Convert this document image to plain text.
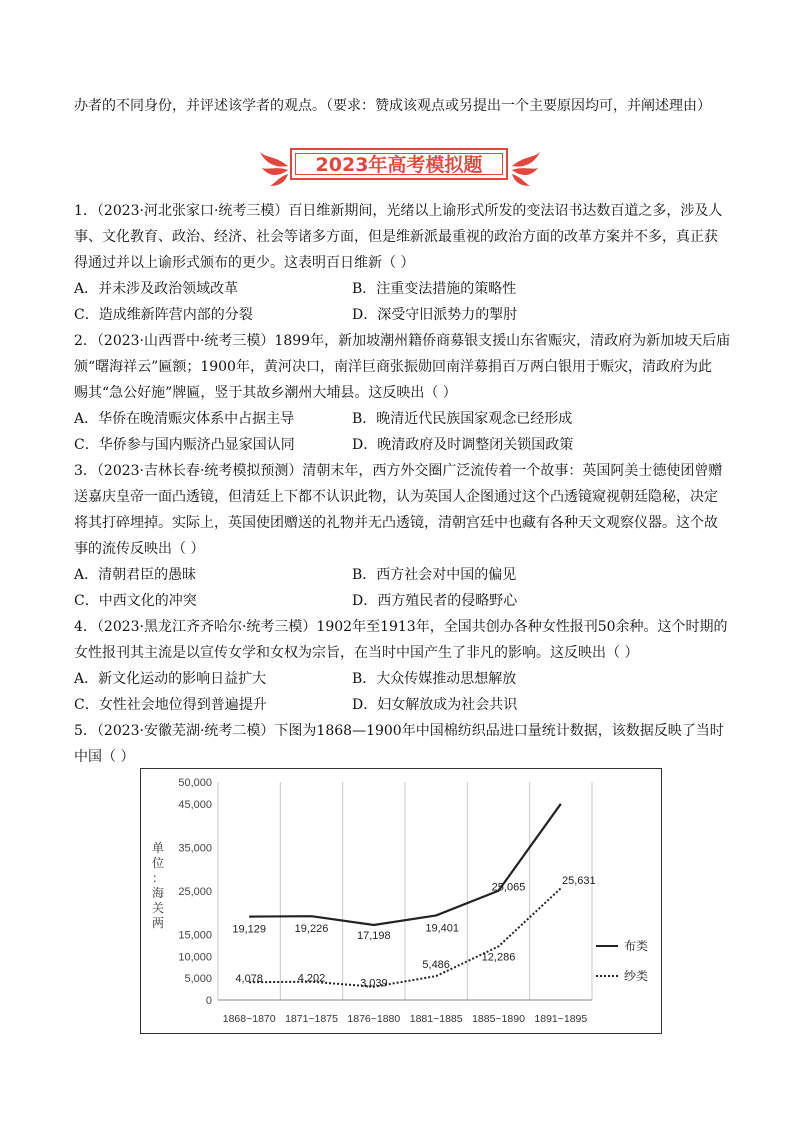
办者的不同身份，并评述该学者的观点。（要求：赞成该观点或另提出一个主要原因均可，并阐述理由）
2023年高考模拟题
1．（2023·河北张家口·统考三模）百日维新期间，光绪以上谕形式所发的变法诏书达数百道之多，涉及人
事、文化教育、政治、经济、社会等诸多方面，但是维新派最重视的政治方面的改革方案并不多，真正获
得通过并以上谕形式颁布的更少。这表明百日维新（ ）
A．并未涉及政治领域改革	B．注重变法措施的策略性
C．造成维新阵营内部的分裂	D．深受守旧派势力的掣肘
2．（2023·山西晋中·统考三模）1899年，新加坡潮州籍侨商募银支援山东省赈灾，清政府为新加坡天后庙
颁“曙海祥云”匾额；1900年，黄河决口，南洋巨商张振勋回南洋募捐百万两白银用于赈灾，清政府为此
赐其“急公好施”牌匾，竖于其故乡潮州大埔县。这反映出（ ）
A．华侨在晚清赈灾体系中占据主导	B．晚清近代民族国家观念已经形成
C．华侨参与国内赈济凸显家国认同	D．晚清政府及时调整闭关锁国政策
3．（2023·吉林长春·统考模拟预测）清朝末年，西方外交圈广泛流传着一个故事：英国阿美士德使团曾赠
送嘉庆皇帝一面凸透镜，但清廷上下都不认识此物，认为英国人企图通过这个凸透镜窥视朝廷隐秘，决定
将其打碎埋掉。实际上，英国使团赠送的礼物并无凸透镜，清朝宫廷中也藏有各种天文观察仪器。这个故
事的流传反映出（ ）
A．清朝君臣的愚昧	B．西方社会对中国的偏见
C．中西文化的冲突	D．西方殖民者的侵略野心
4．（2023·黑龙江齐齐哈尔·统考三模）1902年至1913年，全国共创办各种女性报刊50余种。这个时期的
女性报刊其主流是以宣传女学和女权为宗旨，在当时中国产生了非凡的影响。这反映出（ ）
A．新文化运动的影响日益扩大	B．大众传媒推动思想解放
C．女性社会地位得到普遍提升	D．妇女解放成为社会共识
5．（2023·安徽芜湖·统考二模）下图为1868—1900年中国棉纺织品进口量统计数据，该数据反映了当时
中国（ ）
0
5,000
10,000
15,000
25,000
35,000
45,000
50,000
1868~1870 1871~1875 1876~1880 1881~1885 1885~1890 1891~1895
单
位
：
海
关
两	19,129	19,226
17,198
19,401
25,065
4,078	4,202	3,039
5,486
12,286
25,631
布类
纱类
